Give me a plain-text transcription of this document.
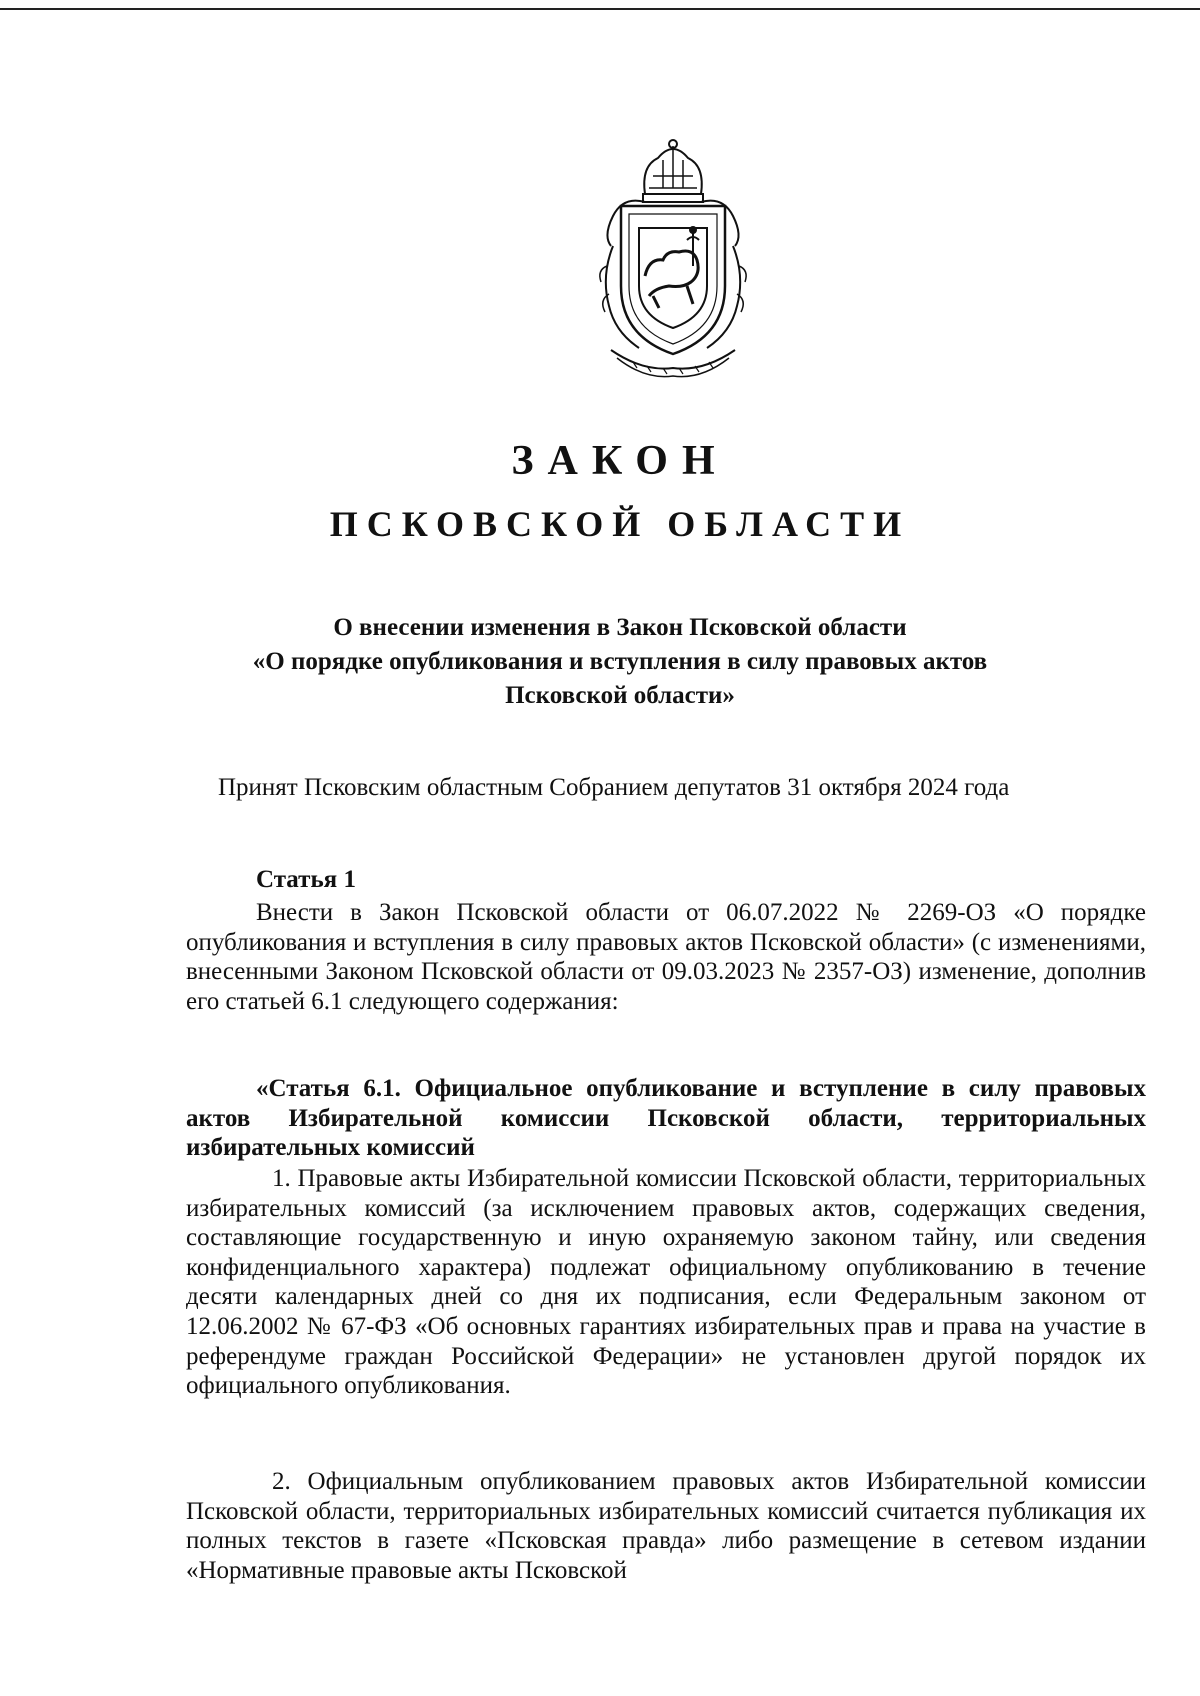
ЗАКОН
ПСКОВСКОЙ ОБЛАСТИ
О внесении изменения в Закон Псковской области
«О порядке опубликования и вступления в силу правовых актов
Псковской области»
Принят Псковским областным Собранием депутатов 31 октября 2024 года
Статья 1
Внести в Закон Псковской области от 06.07.2022 № 2269-ОЗ «О порядке опубликования и вступления в силу правовых актов Псковской области» (с изменениями, внесенными Законом Псковской области от 09.03.2023 № 2357-ОЗ) изменение, дополнив его статьей 6.1 следующего содержания:
«Статья 6.1. Официальное опубликование и вступление в силу правовых актов Избирательной комиссии Псковской области, территориальных избирательных комиссий
1. Правовые акты Избирательной комиссии Псковской области, территориальных избирательных комиссий (за исключением правовых актов, содержащих сведения, составляющие государственную и иную охраняемую законом тайну, или сведения конфиденциального характера) подлежат официальному опубликованию в течение десяти календарных дней со дня их подписания, если Федеральным законом от 12.06.2002 № 67-ФЗ «Об основных гарантиях избирательных прав и права на участие в референдуме граждан Российской Федерации» не установлен другой порядок их официального опубликования.
2. Официальным опубликованием правовых актов Избирательной комиссии Псковской области, территориальных избирательных комиссий считается публикация их полных текстов в газете «Псковская правда» либо размещение в сетевом издании «Нормативные правовые акты Псковской
